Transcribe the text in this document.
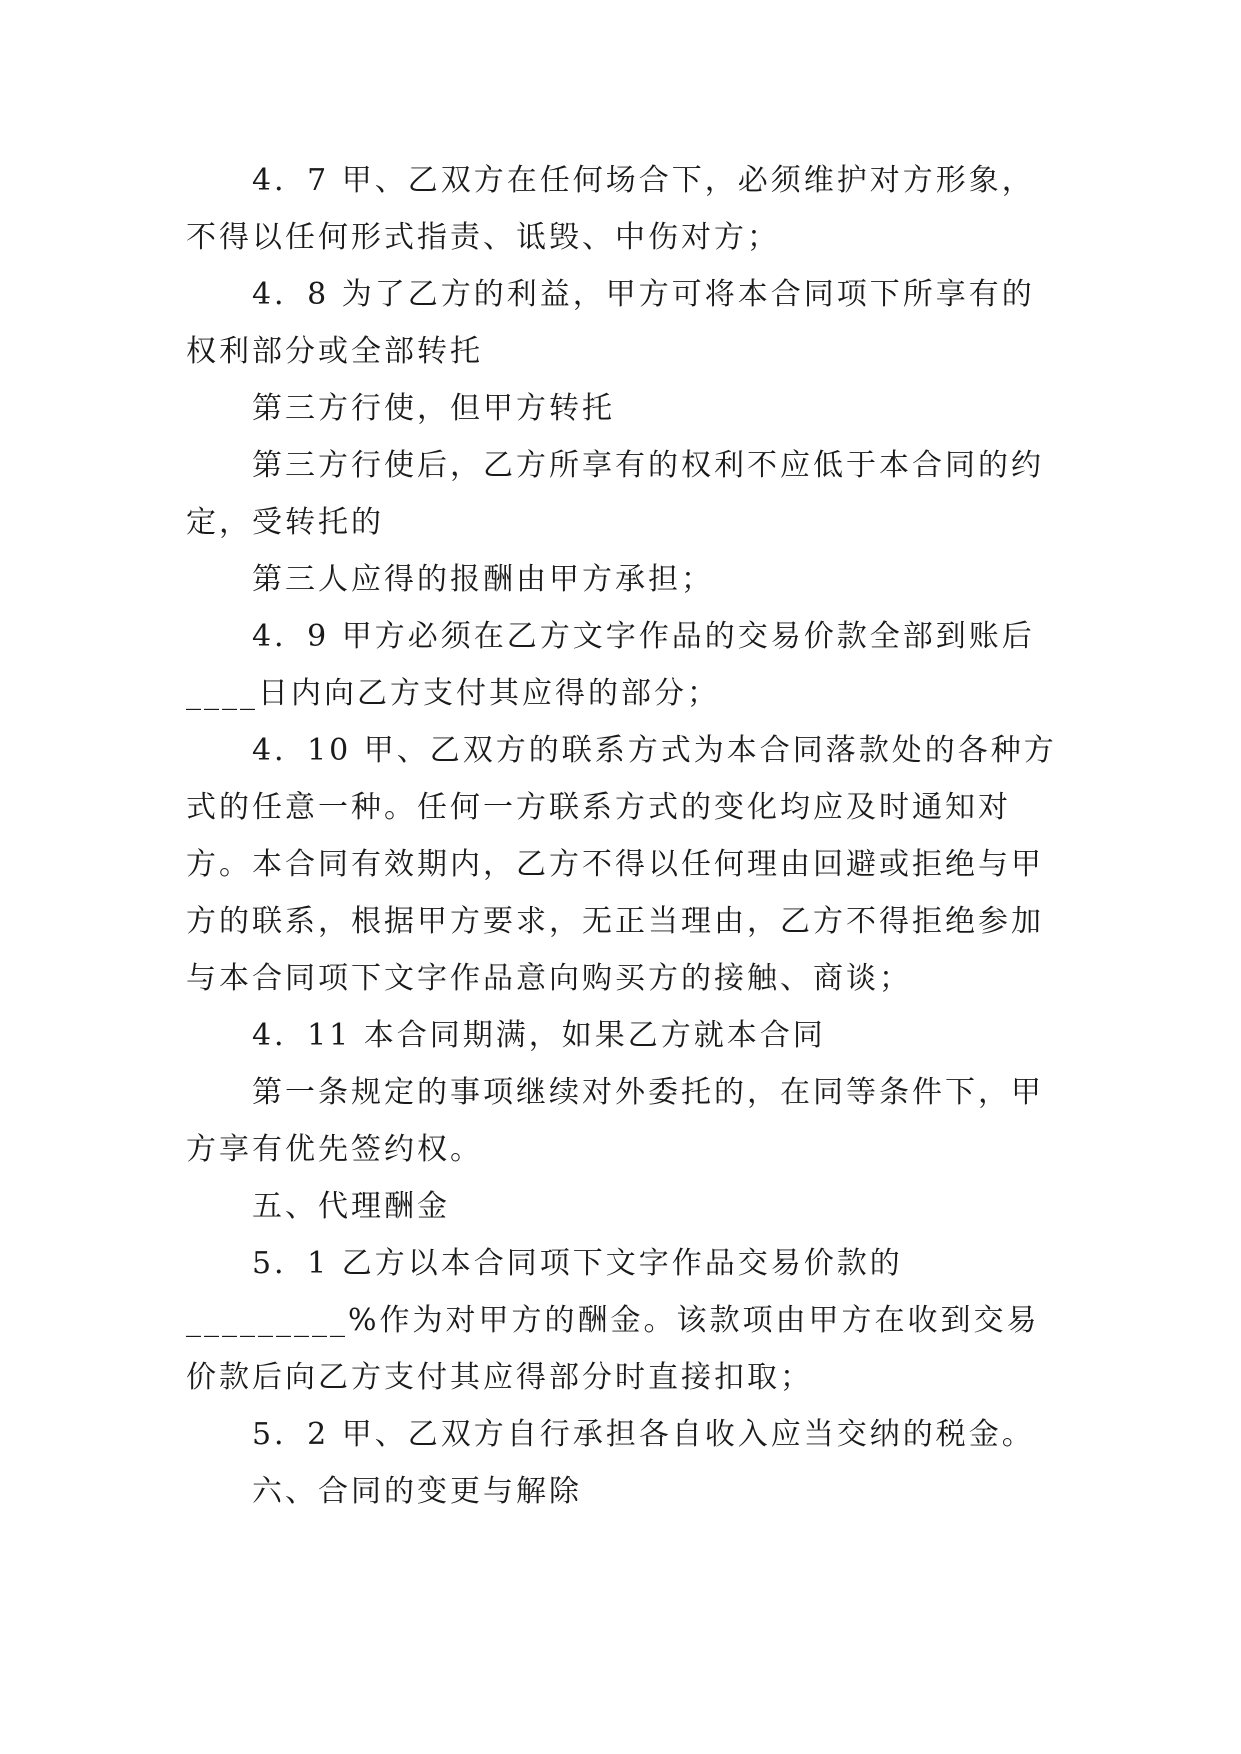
4．7 甲、乙双方在任何场合下，必须维护对方形象，不得以任何形式指责、诋毁、中伤对方；

4．8 为了乙方的利益，甲方可将本合同项下所享有的权利部分或全部转托

第三方行使，但甲方转托

第三方行使后，乙方所享有的权利不应低于本合同的约定，受转托的

第三人应得的报酬由甲方承担；

4．9 甲方必须在乙方文字作品的交易价款全部到账后____日内向乙方支付其应得的部分；

4．10 甲、乙双方的联系方式为本合同落款处的各种方式的任意一种。任何一方联系方式的变化均应及时通知对方。本合同有效期内，乙方不得以任何理由回避或拒绝与甲方的联系，根据甲方要求，无正当理由，乙方不得拒绝参加与本合同项下文字作品意向购买方的接触、商谈；

4．11 本合同期满，如果乙方就本合同

第一条规定的事项继续对外委托的，在同等条件下，甲方享有优先签约权。

五、代理酬金

5．1 乙方以本合同项下文字作品交易价款的_________%作为对甲方的酬金。该款项由甲方在收到交易价款后向乙方支付其应得部分时直接扣取；

5．2 甲、乙双方自行承担各自收入应当交纳的税金。

六、合同的变更与解除
